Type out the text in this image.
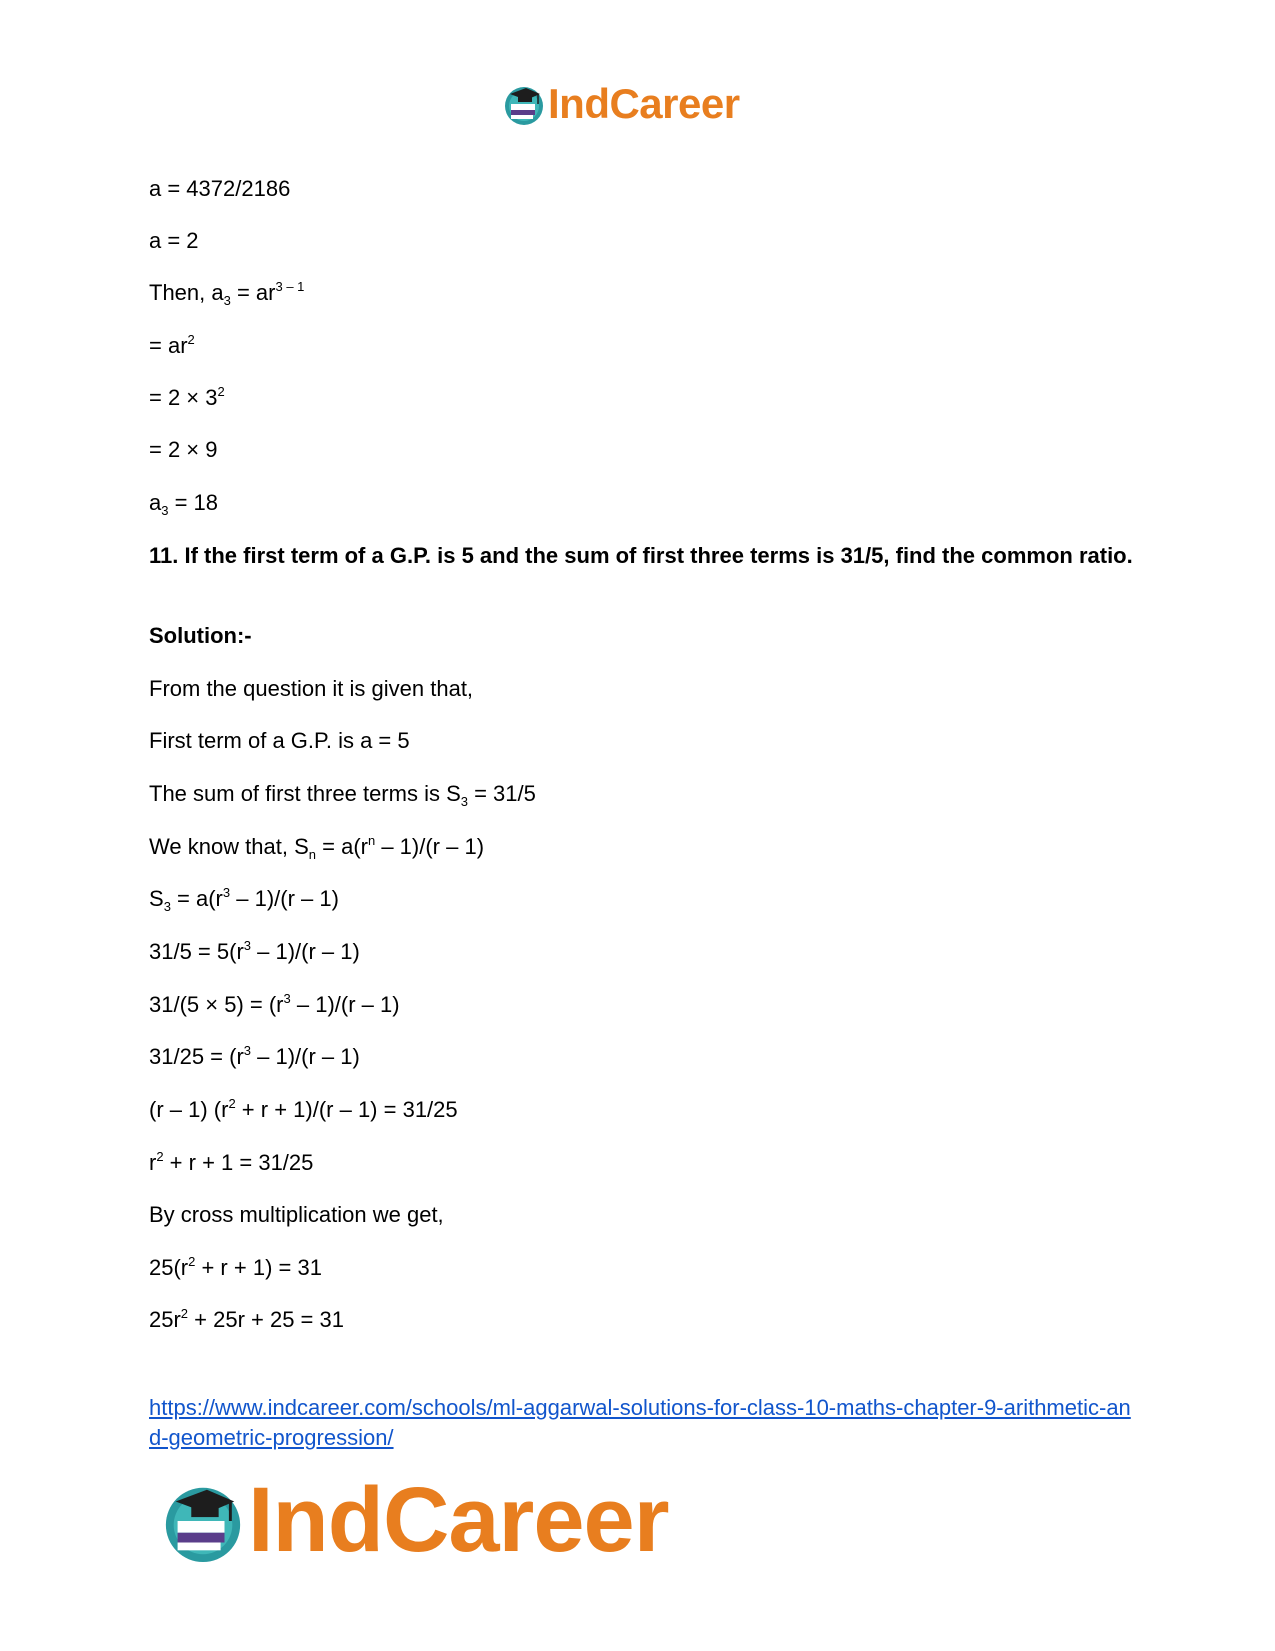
IndCareer
a = 4372/2186
a = 2
Then, $a_3 = ar^{3 - 1}$
= $ar^2$
= $2 \times 3^2$
= 2 × 9
$a_3 = 18$
11. If the first term of a G.P. is 5 and the sum of first three terms is 31/5, find the common ratio.
Solution:-
From the question it is given that,
First term of a G.P. is a = 5
The sum of first three terms is $S_3 = 31/5$
We know that, $S_n = a(r^n - 1)/(r - 1)$
$S_3 = a(r^3 - 1)/(r - 1)$
$31/5 = 5(r^3 - 1)/(r - 1)$
$31/(5 \times 5) = (r^3 - 1)/(r - 1)$
$31/25 = (r^3 - 1)/(r - 1)$
(r – 1) $(r^2 + r + 1)/(r - 1) = 31/25$
$r^2 + r + 1 = 31/25$
By cross multiplication we get,
$25(r^2 + r + 1) = 31$
$25r^2 + 25r + 25 = 31$
https://www.indcareer.com/schools/ml-aggarwal-solutions-for-class-10-maths-chapter-9-arithmetic-and-geometric-progression/
IndCareer
